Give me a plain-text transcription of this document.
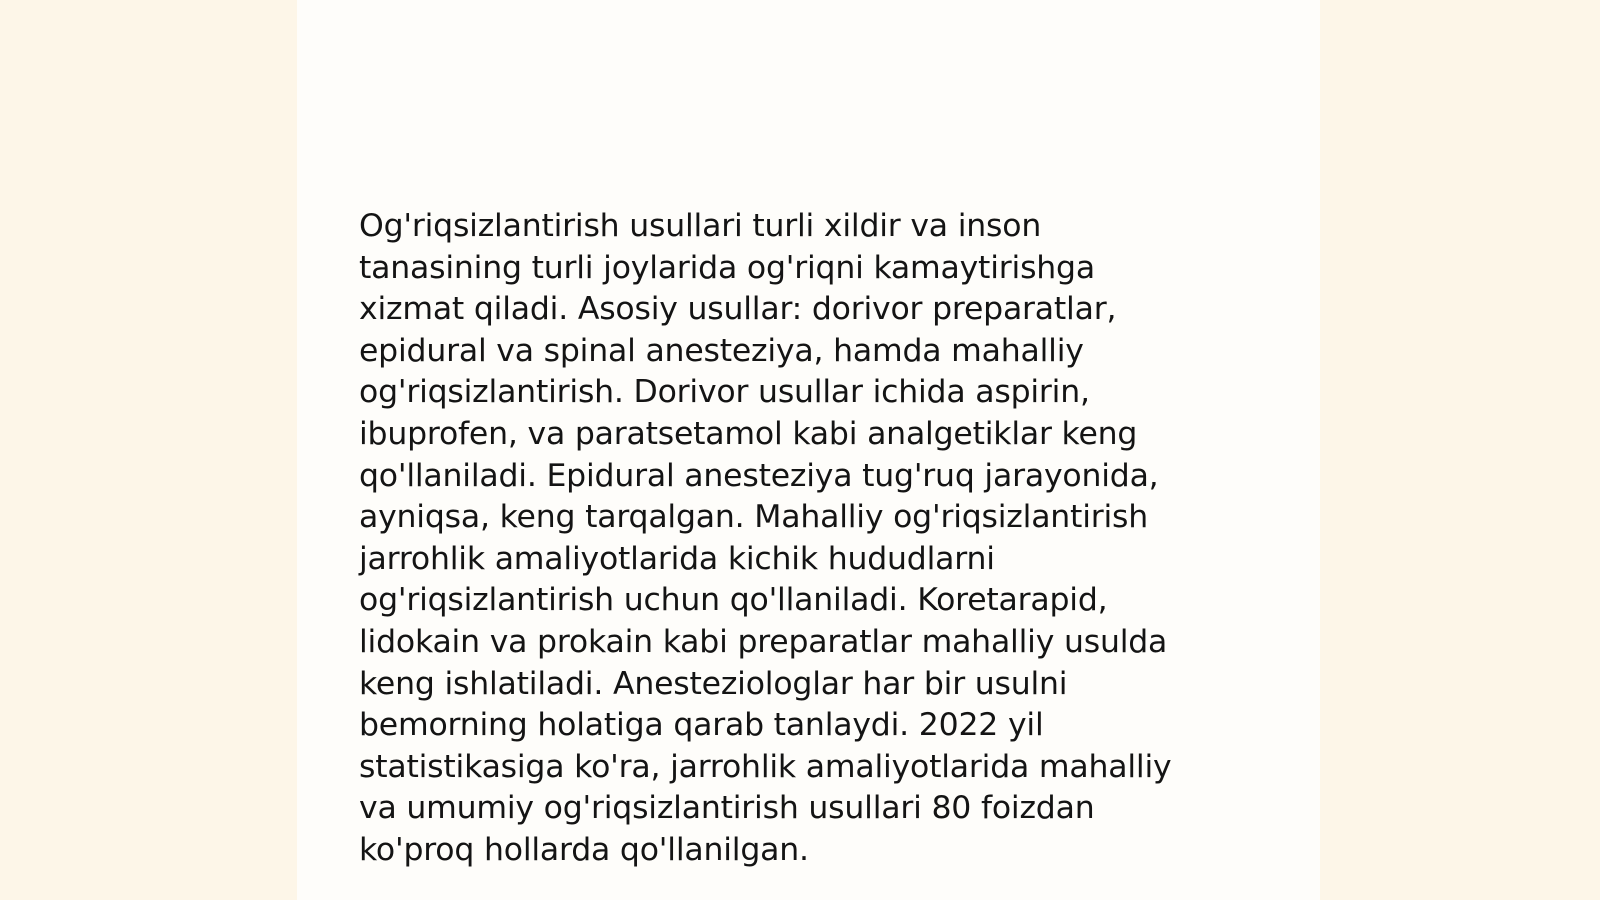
Og'riqsizlantirish usullari turli xildir va inson
tanasining turli joylarida og'riqni kamaytirishga
xizmat qiladi. Asosiy usullar: dorivor preparatlar,
epidural va spinal anesteziya, hamda mahalliy
og'riqsizlantirish. Dorivor usullar ichida aspirin,
ibuprofen, va paratsetamol kabi analgetiklar keng
qo'llaniladi. Epidural anesteziya tug'ruq jarayonida,
ayniqsa, keng tarqalgan. Mahalliy og'riqsizlantirish
jarrohlik amaliyotlarida kichik hududlarni
og'riqsizlantirish uchun qo'llaniladi. Koretarapid,
lidokain va prokain kabi preparatlar mahalliy usulda
keng ishlatiladi. Anesteziologlar har bir usulni
bemorning holatiga qarab tanlaydi. 2022 yil
statistikasiga ko'ra, jarrohlik amaliyotlarida mahalliy
va umumiy og'riqsizlantirish usullari 80 foizdan
ko'proq hollarda qo'llanilgan.
